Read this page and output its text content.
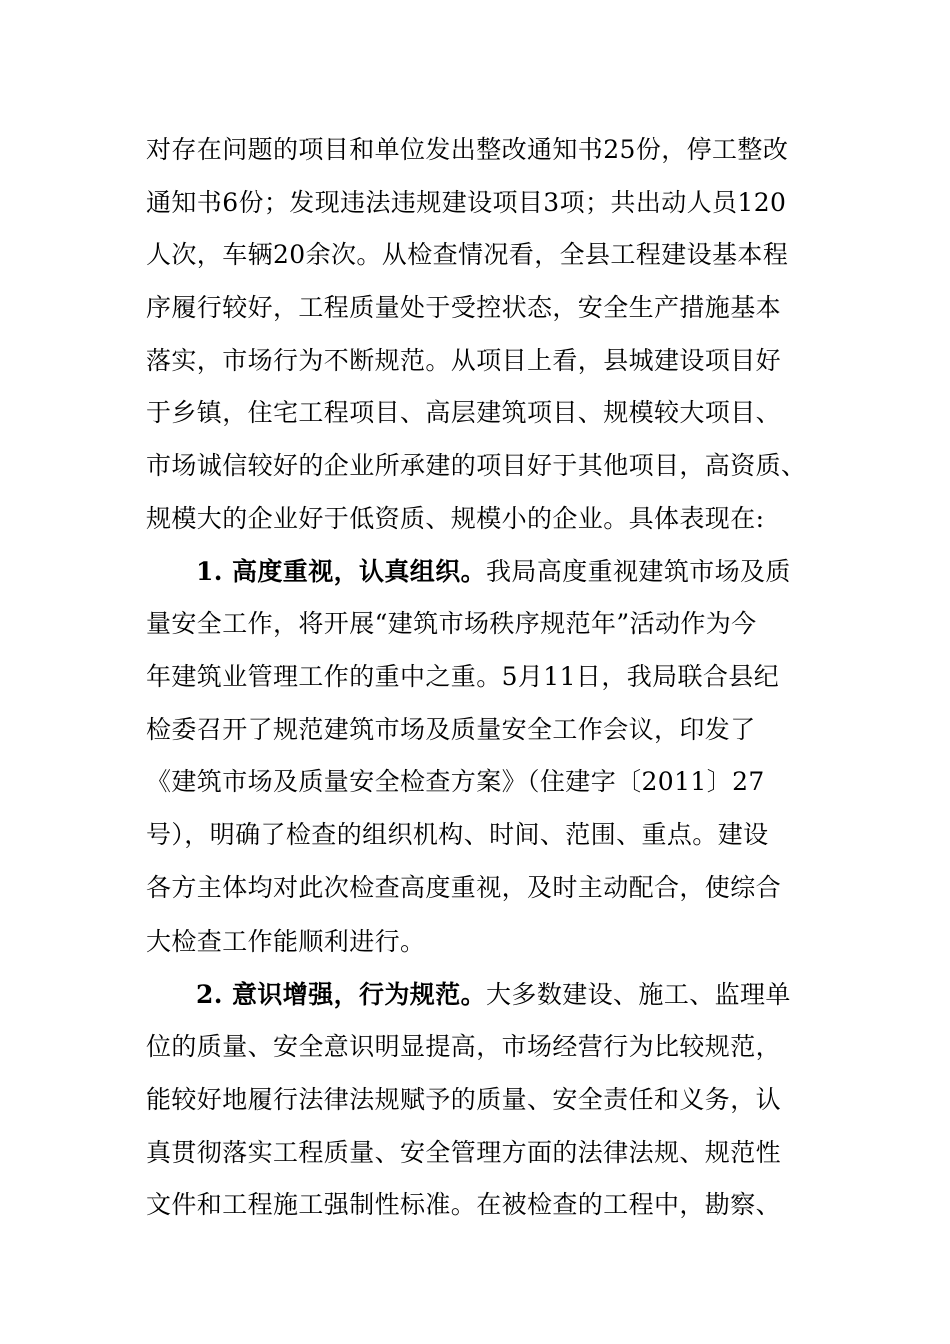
对存在问题的项目和单位发出整改通知书25份，停工整改
通知书6份；发现违法违规建设项目3项；共出动人员120
人次，车辆20余次。从检查情况看，全县工程建设基本程
序履行较好，工程质量处于受控状态，安全生产措施基本
落实，市场行为不断规范。从项目上看，县城建设项目好
于乡镇，住宅工程项目、高层建筑项目、规模较大项目、
市场诚信较好的企业所承建的项目好于其他项目，高资质、
规模大的企业好于低资质、规模小的企业。具体表现在:
1. 高度重视，认真组织。我局高度重视建筑市场及质
量安全工作，将开展“建筑市场秩序规范年”活动作为今
年建筑业管理工作的重中之重。5月11日，我局联合县纪
检委召开了规范建筑市场及质量安全工作会议，印发了
《建筑市场及质量安全检查方案》（住建字〔2011〕27
号），明确了检查的组织机构、时间、范围、重点。建设
各方主体均对此次检查高度重视，及时主动配合，使综合
大检查工作能顺利进行。
2. 意识增强，行为规范。大多数建设、施工、监理单
位的质量、安全意识明显提高，市场经营行为比较规范，
能较好地履行法律法规赋予的质量、安全责任和义务，认
真贯彻落实工程质量、安全管理方面的法律法规、规范性
文件和工程施工强制性标准。在被检查的工程中，勘察、
